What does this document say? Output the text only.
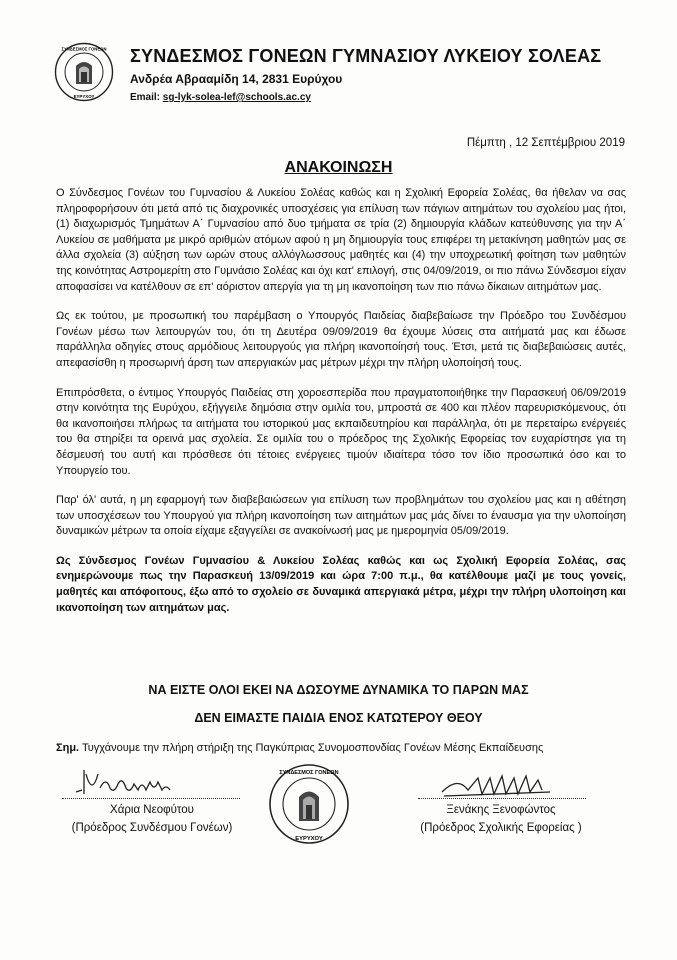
ΣΥΝΔΕΣΜΟΣ ΓΟΝΕΩΝ
ΕΥΡΥΧΟΥ
ΣΥΝΔΕΣΜΟΣ ΓΟΝΕΩΝ ΓΥΜΝΑΣΙΟΥ ΛΥΚΕΙΟΥ ΣΟΛΕΑΣ
Ανδρέα Αβρααμίδη 14, 2831 Ευρύχου
Email: sg-lyk-solea-lef@schools.ac.cy
Πέμπτη , 12 Σεπτέμβριου 2019
ΑΝΑΚΟΙΝΩΣΗ

Ο Σύνδεσμος Γονέων του Γυμνασίου & Λυκείου Σολέας καθώς και η Σχολική Εφορεία Σολέας, θα ήθελαν να σας πληροφορήσουν ότι μετά από τις διαχρονικές υποσχέσεις για επίλυση των πάγιων αιτημάτων του σχολείου μας ήτοι, (1) διαχωρισμός Τμημάτων Α΄ Γυμνασίου από δυο τμήματα σε τρία (2) δημιουργία κλάδων κατεύθυνσης για την Α΄ Λυκείου σε μαθήματα με μικρό αριθμών ατόμων αφού η μη δημιουργία τους επιφέρει τη μετακίνηση μαθητών μας σε άλλα σχολεία (3) αύξηση των ωρών στους αλλόγλωσσους μαθητές και (4) την υποχρεωτική φοίτηση των μαθητών της κοινότητας Αστρομερίτη στο Γυμνάσιο Σολέας και όχι κατ' επιλογή, στις 04/09/2019, οι πιο πάνω Σύνδεσμοι είχαν αποφασίσει να κατέλθουν σε επ' αόριστον απεργία για τη μη ικανοποίηση των πιο πάνω δίκαιων αιτημάτων μας.

Ως εκ τούτου, με προσωπική του παρέμβαση ο Υπουργός Παιδείας διαβεβαίωσε την Πρόεδρο του Συνδέσμου Γονέων μέσω των λειτουργών του, ότι τη Δευτέρα 09/09/2019 θα έχουμε λύσεις στα αιτήματά μας και έδωσε παράλληλα οδηγίες στους αρμόδιους λειτουργούς για πλήρη ικανοποίησή τους. Έτσι, μετά τις διαβεβαιώσεις αυτές, απεφασίσθη η προσωρινή άρση των απεργιακών μας μέτρων μέχρι την πλήρη υλοποίησή τους.

Επιπρόσθετα, ο έντιμος Υπουργός Παιδείας στη χοροεσπερίδα που πραγματοποιήθηκε την Παρασκευή 06/09/2019 στην κοινότητα της Ευρύχου, εξήγγειλε δημόσια στην ομιλία του, μπροστά σε 400 και πλέον παρευρισκόμενους, ότι θα ικανοποιήσει πλήρως τα αιτήματα του ιστορικού μας εκπαιδευτηρίου και παράλληλα, ότι με περεταίρω ενέργειές του θα στηρίξει τα ορεινά μας σχολεία. Σε ομιλία του ο πρόεδρος της Σχολικής Εφορείας τον ευχαρίστησε για τη δέσμευσή του αυτή και πρόσθεσε ότι τέτοιες ενέργειες τιμούν ιδιαίτερα τόσο τον ίδιο προσωπικά όσο και το Υπουργείο του.

Παρ' όλ' αυτά, η μη εφαρμογή των διαβεβαιώσεων για επίλυση των προβλημάτων του σχολείου μας και η αθέτηση των υποσχέσεων του Υπουργού για πλήρη ικανοποίηση των αιτημάτων μας μάς δίνει το έναυσμα για την υλοποίηση δυναμικών μέτρων τα οποία είχαμε εξαγγείλει σε ανακοίνωσή μας με ημερομηνία 05/09/2019.

Ως Σύνδεσμος Γονέων Γυμνασίου & Λυκείου Σολέας καθώς και ως Σχολική Εφορεία Σολέας, σας ενημερώνουμε πως την Παρασκευή 13/09/2019 και ώρα 7:00 π.μ., θα κατέλθουμε μαζί με τους γονείς, μαθητές και απόφοιτους, έξω από το σχολείο σε δυναμικά απεργιακά μέτρα, μέχρι την πλήρη υλοποίηση και ικανοποίηση των αιτημάτων μας.

ΝΑ ΕΙΣΤΕ ΟΛΟΙ ΕΚΕΙ ΝΑ ΔΩΣΟΥΜΕ ΔΥΝΑΜΙΚΑ ΤΟ ΠΑΡΩΝ ΜΑΣ
ΔΕΝ ΕΙΜΑΣΤΕ ΠΑΙΔΙΑ ΕΝΟΣ ΚΑΤΩΤΕΡΟΥ ΘΕΟΥ
Σημ. Τυγχάνουμε την πλήρη στήριξη της Παγκύπριας Συνομοσπονδίας Γονέων Μέσης Εκπαίδευσης
Χάρια Νεοφύτου
(Πρόεδρος Συνδέσμου Γονέων)
ΣΥΝΔΕΣΜΟΣ ΓΟΝΕΩΝ
ΕΥΡΥΧΟΥ
Ξενάκης Ξενοφώντος
(Πρόεδρος Σχολικής Εφορείας )
